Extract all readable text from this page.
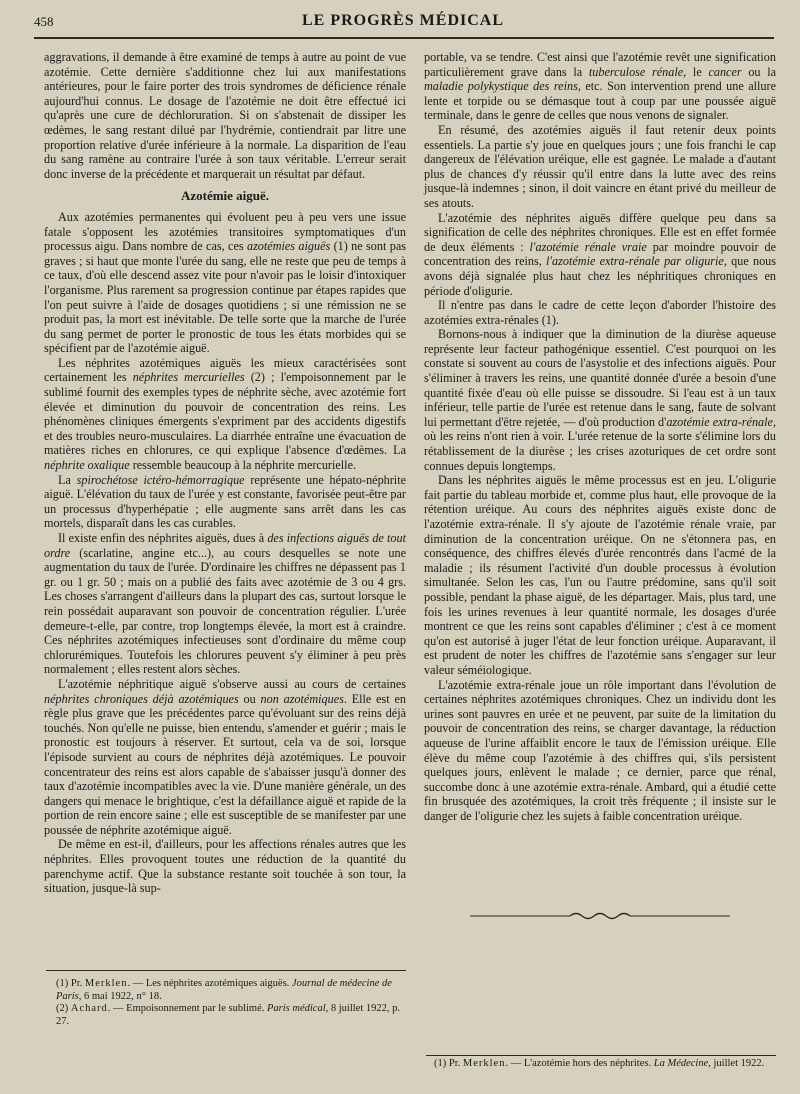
458	LE PROGRÈS MÉDICAL

aggravations, il demande à être examiné de temps à autre au point de vue azotémie. Cette dernière s'additionne chez lui aux manifestations antérieures, pour le faire porter des trois syndromes de déficience rénale aujourd'hui connus. Le dosage de l'azotémie ne doit être effectué ici qu'après une cure de déchloruration. Si on s'abstenait de dissiper les œdèmes, le sang restant dilué par l'hydrémie, contiendrait par litre une proportion relative d'urée inférieure à la normale. La disparition de l'eau du sang ramène au contraire l'urée à son taux véritable. L'erreur serait donc inverse de la précédente et marquerait un résultat par défaut.

Azotémie aiguë.

Aux azotémies permanentes qui évoluent peu à peu vers une issue fatale s'opposent les azotémies transitoires symptomatiques d'un processus aigu. Dans nombre de cas, ces azotémies aiguës (1) ne sont pas graves ; si haut que monte l'urée du sang, elle ne reste que peu de temps à ce taux, d'où elle descend assez vite pour n'avoir pas le loisir d'intoxiquer l'organisme. Plus rarement sa progression continue par étapes rapides que l'on peut suivre à l'aide de dosages quotidiens ; si une rémission ne se produit pas, la mort est inévitable. De telle sorte que la marche de l'urée du sang permet de porter le pronostic de tous les états morbides qui se spécifient par de l'azotémie aiguë.

Les néphrites azotémiques aiguës les mieux caractérisées sont certainement les néphrites mercurielles (2) ; l'empoisonnement par le sublimé fournit des exemples types de néphrite sèche, avec azotémie fort élevée et diminution du pouvoir de concentration des reins. Les phénomènes cliniques émergents s'expriment par des accidents digestifs et des troubles neuro-musculaires. La diarrhée entraîne une évacuation de matières riches en chlorures, ce qui explique l'absence d'œdèmes. La néphrite oxalique ressemble beaucoup à la néphrite mercurielle.

La spirochétose ictéro-hémorragique représente une hépato-néphrite aiguë. L'élévation du taux de l'urée y est constante, favorisée peut-être par un processus d'hyperhépatie ; elle augmente sans arrêt dans les cas mortels, disparaît dans les cas curables.

Il existe enfin des néphrites aiguës, dues à des infections aiguës de tout ordre (scarlatine, angine etc...), au cours desquelles se note une augmentation du taux de l'urée. D'ordinaire les chiffres ne dépassent pas 1 gr. ou 1 gr. 50 ; mais on a publié des faits avec azotémie de 3 ou 4 grs. Les choses s'arrangent d'ailleurs dans la plupart des cas, surtout lorsque le rein possédait auparavant son pouvoir de concentration régulier. L'urée demeure-t-elle, par contre, trop longtemps élevée, la mort est à craindre. Ces néphrites azotémiques infectieuses sont d'ordinaire du même coup chlorurémiques. Toutefois les chlorures peuvent s'y éliminer à peu près normalement ; elles restent alors sèches.

L'azotémie néphritique aiguë s'observe aussi au cours de certaines néphrites chroniques déjà azotémiques ou non azotémiques. Elle est en règle plus grave que les précédentes parce qu'évoluant sur des reins déjà touchés. Non qu'elle ne puisse, bien entendu, s'amender et guérir ; mais le pronostic est toujours à réserver. Et surtout, cela va de soi, lorsque l'épisode survient au cours de néphrites déjà azotémiques. Le pouvoir concentrateur des reins est alors capable de s'abaisser jusqu'à donner des taux d'azotémie incompatibles avec la vie. D'une manière générale, un des dangers qui menace le brightique, c'est la défaillance aiguë et rapide de la portion de rein encore saine ; elle est susceptible de se manifester par une poussée de néphrite azotémique aiguë.

De même en est-il, d'ailleurs, pour les affections rénales autres que les néphrites. Elles provoquent toutes une réduction de la quantité du parenchyme actif. Que la substance restante soit touchée à son tour, la situation, jusque-là sup-

portable, va se tendre. C'est ainsi que l'azotémie revêt une signification particulièrement grave dans la tuberculose rénale, le cancer ou la maladie polykystique des reins, etc. Son intervention prend une allure lente et torpide ou se démasque tout à coup par une poussée aiguë terminale, dans le genre de celles que nous venons de signaler.

En résumé, des azotémies aiguës il faut retenir deux points essentiels. La partie s'y joue en quelques jours ; une fois franchi le cap dangereux de l'élévation uréique, elle est gagnée. Le malade a d'autant plus de chances d'y réussir qu'il entre dans la lutte avec des reins jusque-là indemnes ; sinon, il doit vaincre en étant privé du meilleur de ses atouts.

L'azotémie des néphrites aiguës diffère quelque peu dans sa signification de celle des néphrites chroniques. Elle est en effet formée de deux éléments : l'azotémie rénale vraie par moindre pouvoir de concentration des reins, l'azotémie extra-rénale par oligurie, que nous avons déjà signalée plus haut chez les néphritiques chroniques en période d'oligurie.

Il n'entre pas dans le cadre de cette leçon d'aborder l'histoire des azotémies extra-rénales (1).

Bornons-nous à indiquer que la diminution de la diurèse aqueuse représente leur facteur pathogénique essentiel. C'est pourquoi on les constate si souvent au cours de l'asystolie et des infections aiguës. Pour s'éliminer à travers les reins, une quantité donnée d'urée a besoin d'une quantité fixée d'eau où elle puisse se dissoudre. Si l'eau est à un taux inférieur, telle partie de l'urée est retenue dans le sang, faute de solvant lui permettant d'être rejetée, — d'où production d'azotémie extra-rénale, où les reins n'ont rien à voir. L'urée retenue de la sorte s'élimine lors du rétablissement de la diurèse ; les crises azoturiques de cet ordre sont connues depuis longtemps.

Dans les néphrites aiguës le même processus est en jeu. L'oligurie fait partie du tableau morbide et, comme plus haut, elle provoque de la rétention uréique. Au cours des néphrites aiguës existe donc de l'azotémie extra-rénale. Il s'y ajoute de l'azotémie rénale vraie, par diminution de la concentration uréique. On ne s'étonnera pas, en conséquence, des chiffres élevés d'urée rencontrés dans l'acmé de la maladie ; ils résument l'activité d'un double processus à évolution simultanée. Selon les cas, l'un ou l'autre prédomine, sans qu'il soit possible, pendant la phase aiguë, de les départager. Mais, plus tard, une fois les urines revenues à leur quantité normale, les dosages d'urée montrent ce que les reins sont capables d'éliminer ; c'est à ce moment qu'on est autorisé à juger l'état de leur fonction uréique. Auparavant, il est prudent de noter les chiffres de l'azotémie sans s'engager sur leur valeur séméiologique.

L'azotémie extra-rénale joue un rôle important dans l'évolution de certaines néphrites azotémiques chroniques. Chez un individu dont les urines sont pauvres en urée et ne peuvent, par suite de la limitation du pouvoir de concentration des reins, se charger davantage, la réduction aqueuse de l'urine affaiblit encore le taux de l'émission uréique. Elle élève du même coup l'azotémie à des chiffres qui, s'ils persistent quelques jours, enlèvent le malade ; ce dernier, parce que rénal, succombe donc à une azotémie extra-rénale. Ambard, qui a étudié cette fin brusquée des azotémiques, la croit très fréquente ; il insiste sur le danger de l'oligurie chez les sujets à faible concentration uréique.

(1) Pr. Merklen. — Les néphrites azotémiques aiguës. Journal de médecine de Paris, 6 mai 1922, n° 18.

(2) Achard. — Empoisonnement par le sublimé. Paris médical, 8 juillet 1922, p. 27.

(1) Pr. Merklen. — L'azotémie hors des néphrites. La Médecine, juillet 1922.
